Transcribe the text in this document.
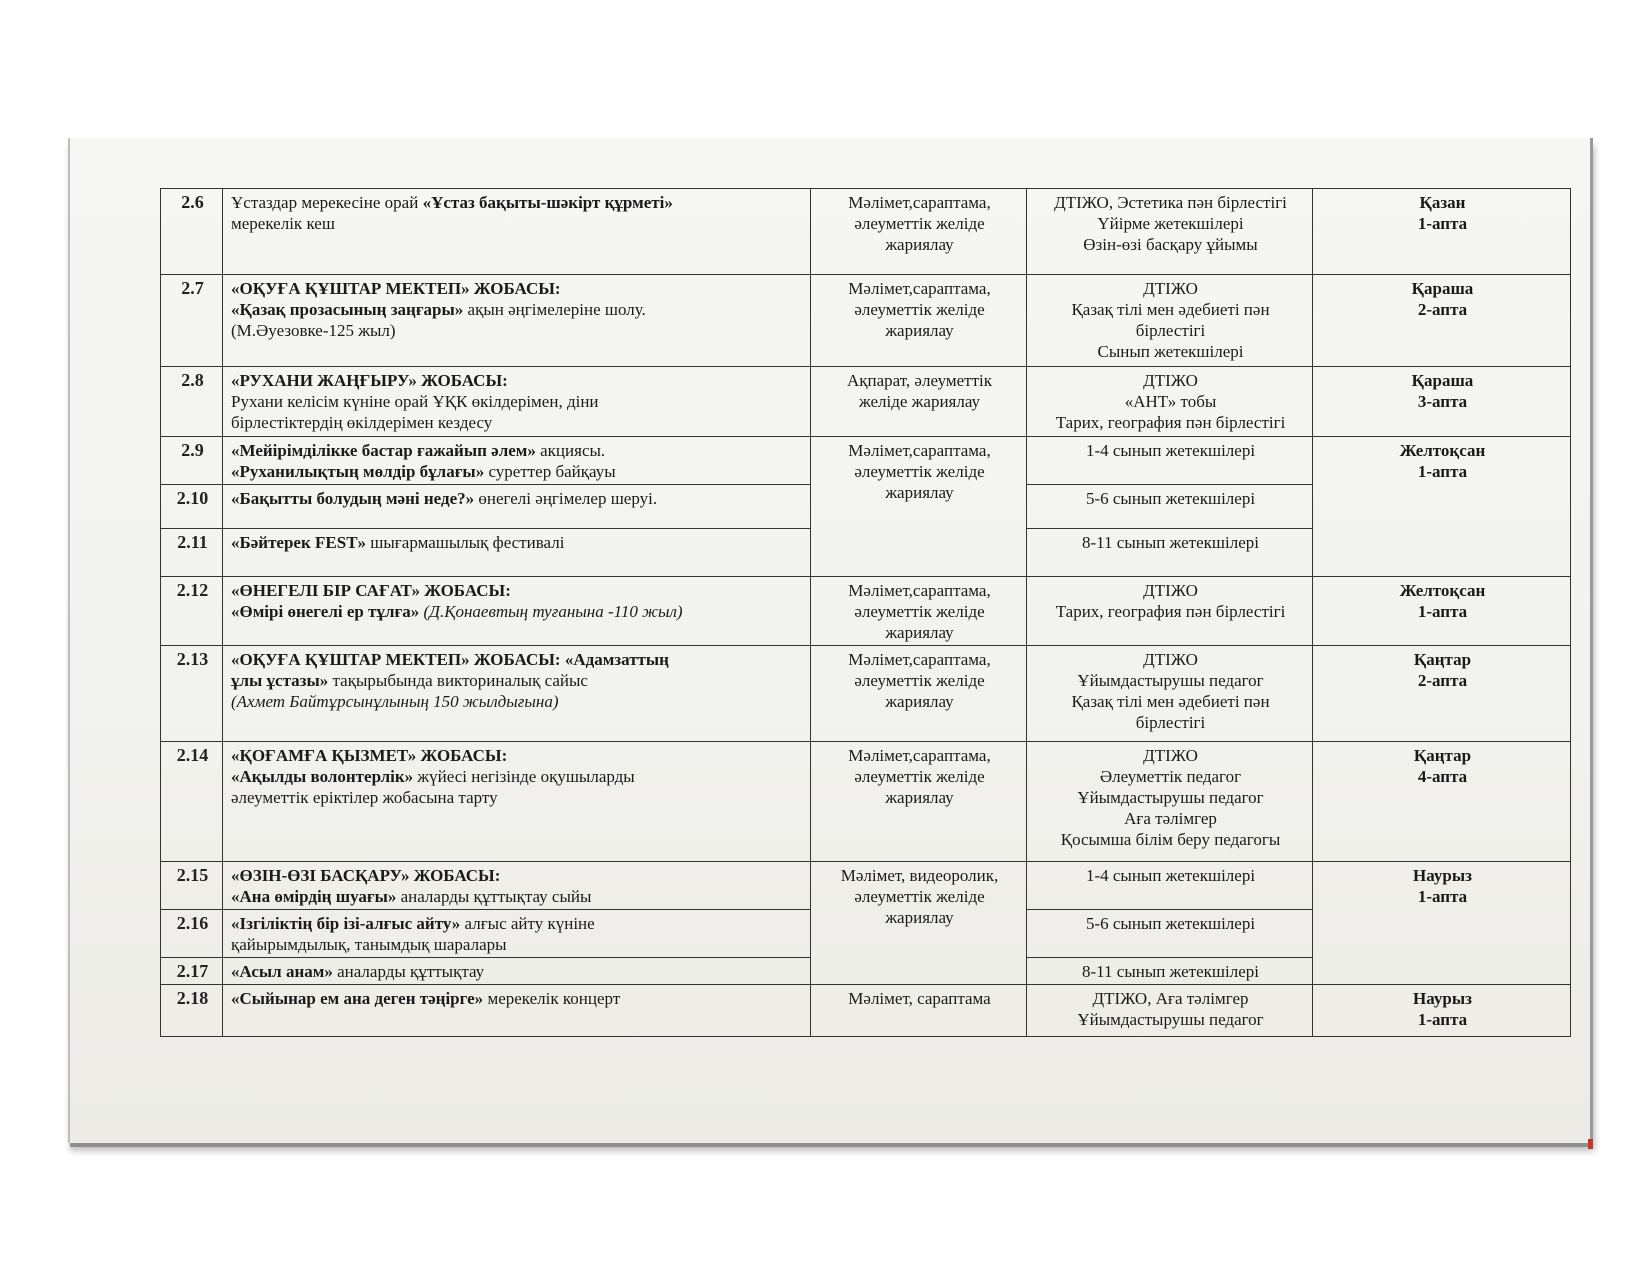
2.6	Ұстаздар мерекесіне орай «Ұстаз бақыты-шәкірт құрметі»
мерекелік кеш	Мәлімет,сараптама,
әлеуметтік желіде
жариялау	ДТІЖО, Эстетика пән бірлестігі
Үйірме жетекшілері
Өзін-өзі басқару ұйымы	Қазан
1-апта

2.7	«ОҚУҒА ҚҰШТАР МЕКТЕП» ЖОБАСЫ:
«Қазақ прозасының заңғары» ақын әңгімелеріне шолу.
(М.Әуезовке-125 жыл)	Мәлімет,сараптама,
әлеуметтік желіде
жариялау	ДТІЖО
Қазақ тілі мен әдебиеті пән
бірлестігі
Сынып жетекшілері	Қараша
2-апта

2.8	«РУХАНИ ЖАҢҒЫРУ» ЖОБАСЫ:
Рухани келісім күніне орай ҰҚК өкілдерімен, діни
бірлестіктердің өкілдерімен кездесу	Ақпарат, әлеуметтік
желіде жариялау	ДТІЖО
«АНТ» тобы
Тарих, география пән бірлестігі	Қараша
3-апта

2.9	«Мейірімділікке бастар ғажайып әлем» акциясы.
«Руханилықтың мөлдір бұлағы» суреттер байқауы	Мәлімет,сараптама,
әлеуметтік желіде
жариялау	1-4 сынып жетекшілері	Желтоқсан
1-апта

2.10	«Бақытты болудың мәні неде?» өнегелі әңгімелер шеруі.		5-6 сынып жетекшілері	

2.11	«Бәйтерек FEST» шығармашылық фестивалі		8-11 сынып жетекшілері	

2.12	«ӨНЕГЕЛІ БІР САҒАТ» ЖОБАСЫ:
«Өмірі өнегелі ер тұлға» (Д.Қонаевтың туғанына -110 жыл)	Мәлімет,сараптама,
әлеуметтік желіде
жариялау	ДТІЖО
Тарих, география пән бірлестігі	Желтоқсан
1-апта

2.13	«ОҚУҒА ҚҰШТАР МЕКТЕП» ЖОБАСЫ: «Адамзаттың
ұлы ұстазы» тақырыбында викториналық сайыс
(Ахмет Байтұрсынұлының 150 жылдығына)	Мәлімет,сараптама,
әлеуметтік желіде
жариялау	ДТІЖО
Ұйымдастырушы педагог
Қазақ тілі мен әдебиеті пән
бірлестігі	Қаңтар
2-апта

2.14	«ҚОҒАМҒА ҚЫЗМЕТ» ЖОБАСЫ:
«Ақылды волонтерлік» жүйесі негізінде оқушыларды
әлеуметтік еріктілер жобасына тарту	Мәлімет,сараптама,
әлеуметтік желіде
жариялау	ДТІЖО
Әлеуметтік педагог
Ұйымдастырушы педагог
Аға тәлімгер
Қосымша білім беру педагогы	Қаңтар
4-апта

2.15	«ӨЗІН-ӨЗІ БАСҚАРУ» ЖОБАСЫ:
«Ана өмірдің шуағы» аналарды құттықтау сыйы	Мәлімет, видеоролик,
әлеуметтік желіде
жариялау	1-4 сынып жетекшілері	Наурыз
1-апта

2.16	«Ізгіліктің бір ізі-алғыс айту» алғыс айту күніне
қайырымдылық, танымдық шаралары		5-6 сынып жетекшілері	

2.17	«Асыл анам» аналарды құттықтау		8-11 сынып жетекшілері	

2.18	«Сыйынар ем ана деген тәңірге» мерекелік концерт	Мәлімет, сараптама	ДТІЖО, Аға тәлімгер
Ұйымдастырушы педагог	Наурыз
1-апта
